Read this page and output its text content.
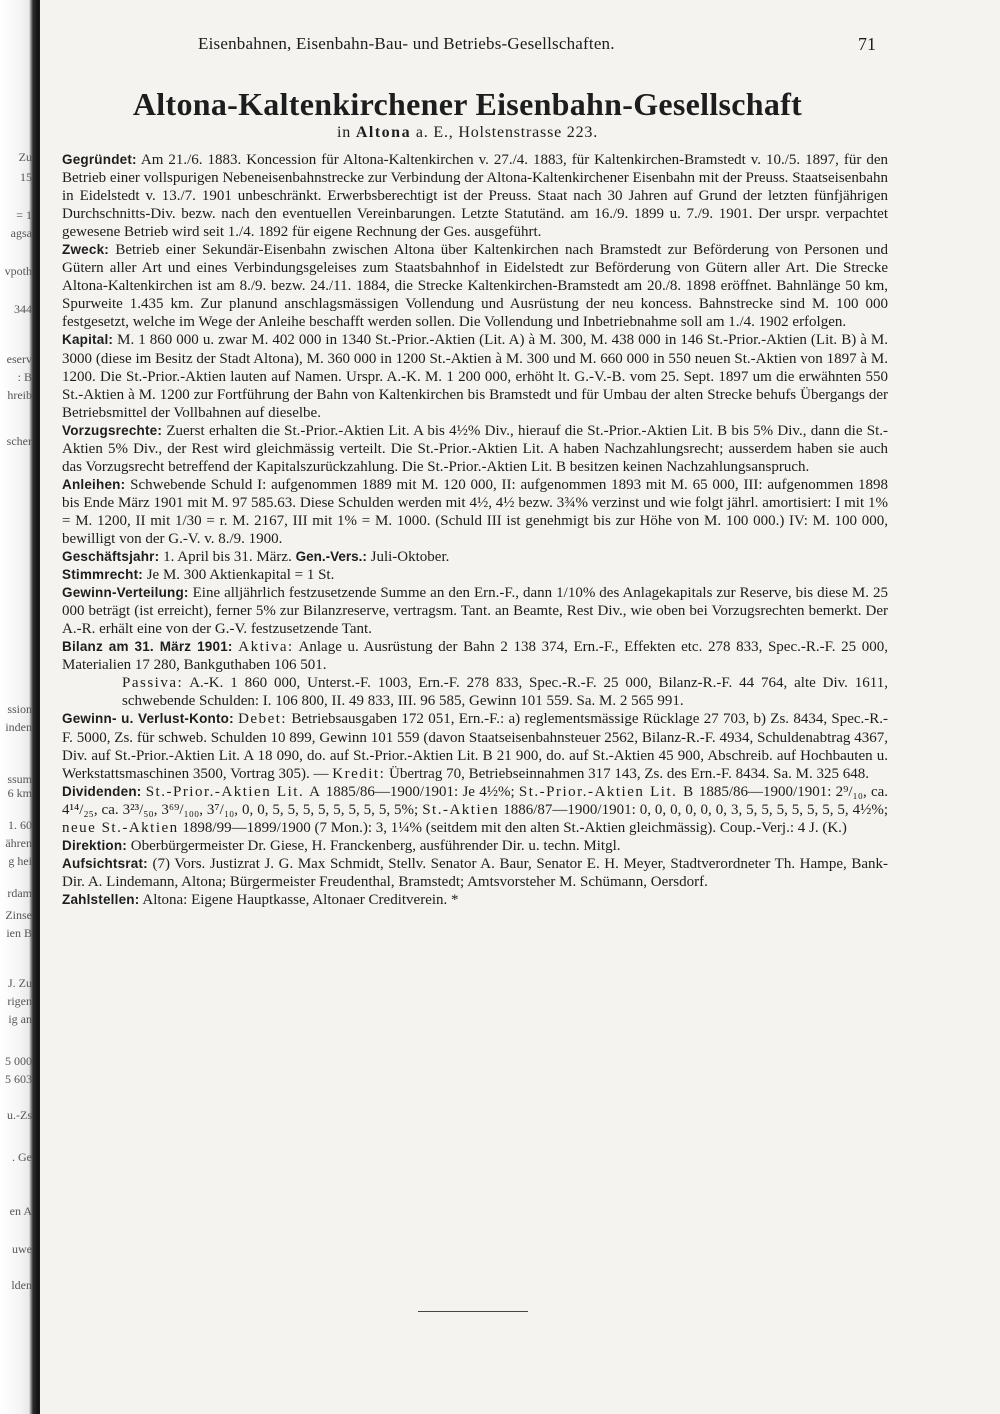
Zu
15
= 1
agsa
vpoth
344
eserv
: B
hreib
scher
ssion
inden
ssum
6 km
1. 60
ähren
g hei
rdam
Zinse
ien B
J. Zu
rigen
ig an
5 000
5 603
u.-Zs
. Ge
en A
uwe
lden
Eisenbahnen, Eisenbahn-Bau- und Betriebs-Gesellschaften.	71
Altona-Kaltenkirchener Eisenbahn-Gesellschaft
in Altona a. E., Holstenstrasse 223.

Gegründet: Am 21./6. 1883. Koncession für Altona-Kaltenkirchen v. 27./4. 1883, für Kaltenkirchen-Bramstedt v. 10./5. 1897, für den Betrieb einer vollspurigen Nebeneisenbahnstrecke zur Verbindung der Altona-Kaltenkirchener Eisenbahn mit der Preuss. Staatseisenbahn in Eidelstedt v. 13./7. 1901 unbeschränkt. Erwerbsberechtigt ist der Preuss. Staat nach 30 Jahren auf Grund der letzten fünfjährigen Durchschnitts-Div. bezw. nach den eventuellen Vereinbarungen. Letzte Statutänd. am 16./9. 1899 u. 7./9. 1901. Der urspr. verpachtet gewesene Betrieb wird seit 1./4. 1892 für eigene Rechnung der Ges. ausgeführt.

Zweck: Betrieb einer Sekundär-Eisenbahn zwischen Altona über Kaltenkirchen nach Bramstedt zur Beförderung von Personen und Gütern aller Art und eines Verbindungsgeleises zum Staatsbahnhof in Eidelstedt zur Beförderung von Gütern aller Art. Die Strecke Altona-Kaltenkirchen ist am 8./9. bezw. 24./11. 1884, die Strecke Kaltenkirchen-Bramstedt am 20./8. 1898 eröffnet. Bahnlänge 50 km, Spurweite 1.435 km. Zur planund anschlagsmässigen Vollendung und Ausrüstung der neu koncess. Bahnstrecke sind M. 100 000 festgesetzt, welche im Wege der Anleihe beschafft werden sollen. Die Vollendung und Inbetriebnahme soll am 1./4. 1902 erfolgen.

Kapital: M. 1 860 000 u. zwar M. 402 000 in 1340 St.-Prior.-Aktien (Lit. A) à M. 300, M. 438 000 in 146 St.-Prior.-Aktien (Lit. B) à M. 3000 (diese im Besitz der Stadt Altona), M. 360 000 in 1200 St.-Aktien à M. 300 und M. 660 000 in 550 neuen St.-Aktien von 1897 à M. 1200. Die St.-Prior.-Aktien lauten auf Namen. Urspr. A.-K. M. 1 200 000, erhöht lt. G.-V.-B. vom 25. Sept. 1897 um die erwähnten 550 St.-Aktien à M. 1200 zur Fortführung der Bahn von Kaltenkirchen bis Bramstedt und für Umbau der alten Strecke behufs Übergangs der Betriebsmittel der Vollbahnen auf dieselbe.

Vorzugsrechte: Zuerst erhalten die St.-Prior.-Aktien Lit. A bis 4½% Div., hierauf die St.-Prior.-Aktien Lit. B bis 5% Div., dann die St.-Aktien 5% Div., der Rest wird gleichmässig verteilt. Die St.-Prior.-Aktien Lit. A haben Nachzahlungsrecht; ausserdem haben sie auch das Vorzugsrecht betreffend der Kapitalszurückzahlung. Die St.-Prior.-Aktien Lit. B besitzen keinen Nachzahlungsanspruch.

Anleihen: Schwebende Schuld I: aufgenommen 1889 mit M. 120 000, II: aufgenommen 1893 mit M. 65 000, III: aufgenommen 1898 bis Ende März 1901 mit M. 97 585.63. Diese Schulden werden mit 4½, 4½ bezw. 3¾% verzinst und wie folgt jährl. amortisiert: I mit 1% = M. 1200, II mit 1/30 = r. M. 2167, III mit 1% = M. 1000. (Schuld III ist genehmigt bis zur Höhe von M. 100 000.) IV: M. 100 000, bewilligt von der G.-V. v. 8./9. 1900.

Geschäftsjahr: 1. April bis 31. März. Gen.-Vers.: Juli-Oktober.

Stimmrecht: Je M. 300 Aktienkapital = 1 St.

Gewinn-Verteilung: Eine alljährlich festzusetzende Summe an den Ern.-F., dann 1/10% des Anlagekapitals zur Reserve, bis diese M. 25 000 beträgt (ist erreicht), ferner 5% zur Bilanzreserve, vertragsm. Tant. an Beamte, Rest Div., wie oben bei Vorzugsrechten bemerkt. Der A.-R. erhält eine von der G.-V. festzusetzende Tant.

Bilanz am 31. März 1901: Aktiva: Anlage u. Ausrüstung der Bahn 2 138 374, Ern.-F., Effekten etc. 278 833, Spec.-R.-F. 25 000, Materialien 17 280, Bankguthaben 106 501.

Passiva: A.-K. 1 860 000, Unterst.-F. 1003, Ern.-F. 278 833, Spec.-R.-F. 25 000, Bilanz-R.-F. 44 764, alte Div. 1611, schwebende Schulden: I. 106 800, II. 49 833, III. 96 585, Gewinn 101 559. Sa. M. 2 565 991.

Gewinn- u. Verlust-Konto: Debet: Betriebsausgaben 172 051, Ern.-F.: a) reglementsmässige Rücklage 27 703, b) Zs. 8434, Spec.-R.-F. 5000, Zs. für schweb. Schulden 10 899, Gewinn 101 559 (davon Staatseisenbahnsteuer 2562, Bilanz-R.-F. 4934, Schuldenabtrag 4367, Div. auf St.-Prior.-Aktien Lit. A 18 090, do. auf St.-Prior.-Aktien Lit. B 21 900, do. auf St.-Aktien 45 900, Abschreib. auf Hochbauten u. Werkstattsmaschinen 3500, Vortrag 305). — Kredit: Übertrag 70, Betriebseinnahmen 317 143, Zs. des Ern.-F. 8434. Sa. M. 325 648.

Dividenden: St.-Prior.-Aktien Lit. A 1885/86—1900/1901: Je 4½%; St.-Prior.-Aktien Lit. B 1885/86—1900/1901: 2⁹/₁₀, ca. 4¹⁴/₂₅, ca. 3²³/₅₀, 3⁶⁹/₁₀₀, 3⁷/₁₀, 0, 0, 5, 5, 5, 5, 5, 5, 5, 5, 5%; St.-Aktien 1886/87—1900/1901: 0, 0, 0, 0, 0, 0, 3, 5, 5, 5, 5, 5, 5, 5, 4½%; neue St.-Aktien 1898/99—1899/1900 (7 Mon.): 3, 1¼% (seitdem mit den alten St.-Aktien gleichmässig). Coup.-Verj.: 4 J. (K.)

Direktion: Oberbürgermeister Dr. Giese, H. Franckenberg, ausführender Dir. u. techn. Mitgl.

Aufsichtsrat: (7) Vors. Justizrat J. G. Max Schmidt, Stellv. Senator A. Baur, Senator E. H. Meyer, Stadtverordneter Th. Hampe, Bank-Dir. A. Lindemann, Altona; Bürgermeister Freudenthal, Bramstedt; Amtsvorsteher M. Schümann, Oersdorf.

Zahlstellen: Altona: Eigene Hauptkasse, Altonaer Creditverein. *
